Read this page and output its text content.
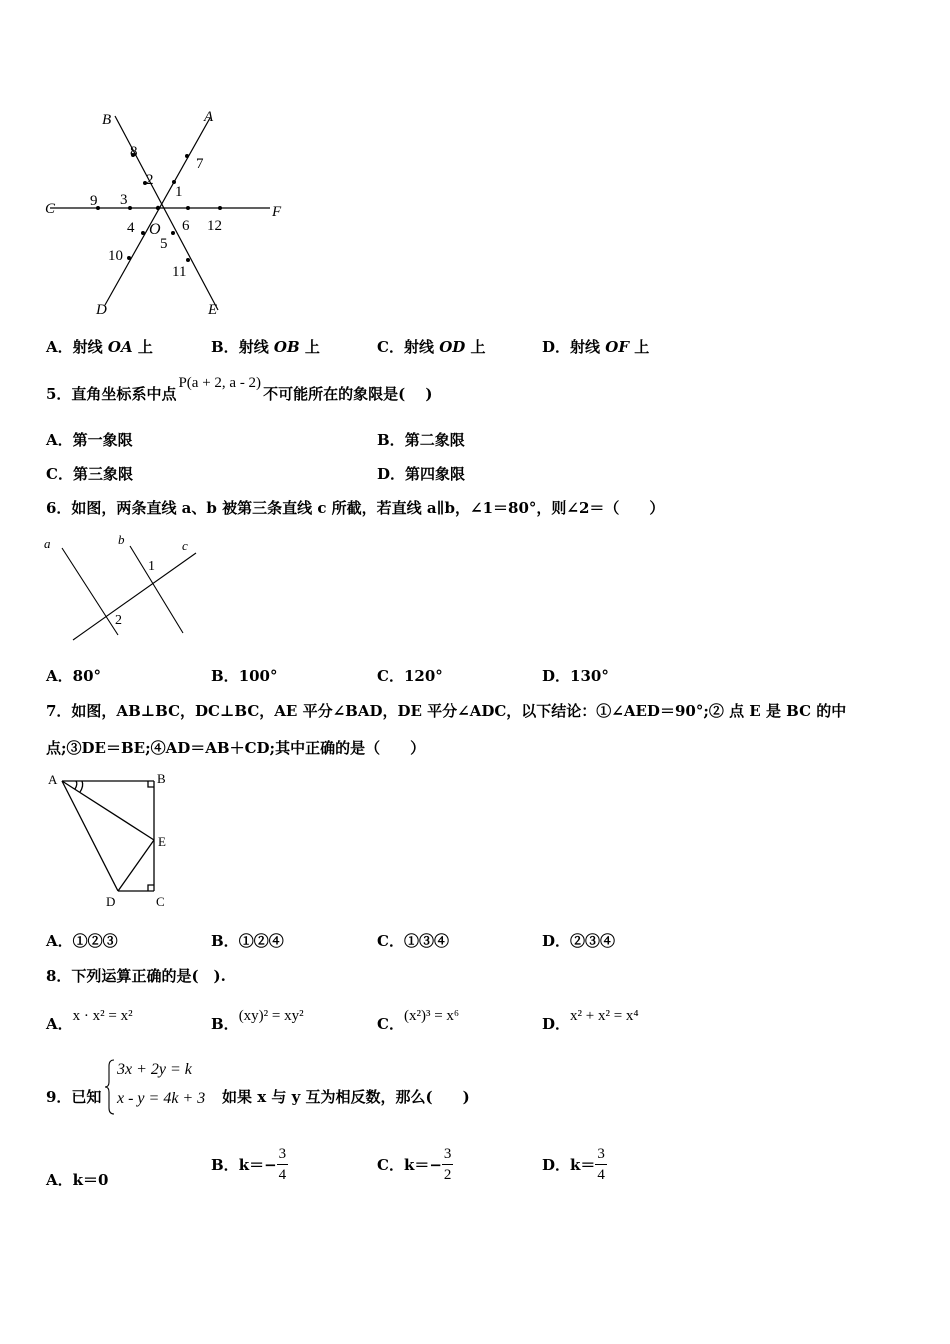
B	A
C	F
D	E
O
8
2
7
1
9 3
6 12
4
5
10
11
A．射线 OA 上	B．射线 OB 上	C．射线 OD 上	D．射线 OF 上
5．直角坐标系中点P(a + 2, a - 2)不可能所在的象限是(　 )
A．第一象限	B．第二象限
C．第三象限	D．第四象限
6．如图，两条直线 a、b 被第三条直线 c 所截，若直线 a∥b，∠1＝80°，则∠2＝（　　）
a	b	c
1
2
A．80°	B．100°	C．120°	D．130°
7．如图，AB⊥BC，DC⊥BC，AE 平分∠BAD，DE 平分∠ADC，以下结论：①∠AED＝90°;② 点 E 是 BC 的中
点;③DE＝BE;④AD＝AB＋CD;其中正确的是（　　）
A	B
E
D	C
A．①②③	B．①②④	C．①③④	D．②③④
8．下列运算正确的是(　).
A．x · x² = x²	B．(xy)² = xy²	C．(x²)³ = x⁶	D．x² + x² = x⁴
9．已知
3x + 2y = k
x - y = 4k + 3 如果 x 与 y 互为相反数，那么(　　)
A．k＝0
B．$k=- \frac{3}{4}$	C．$k=- \frac{3}{2}$	D．$k= \frac{3}{4}$
